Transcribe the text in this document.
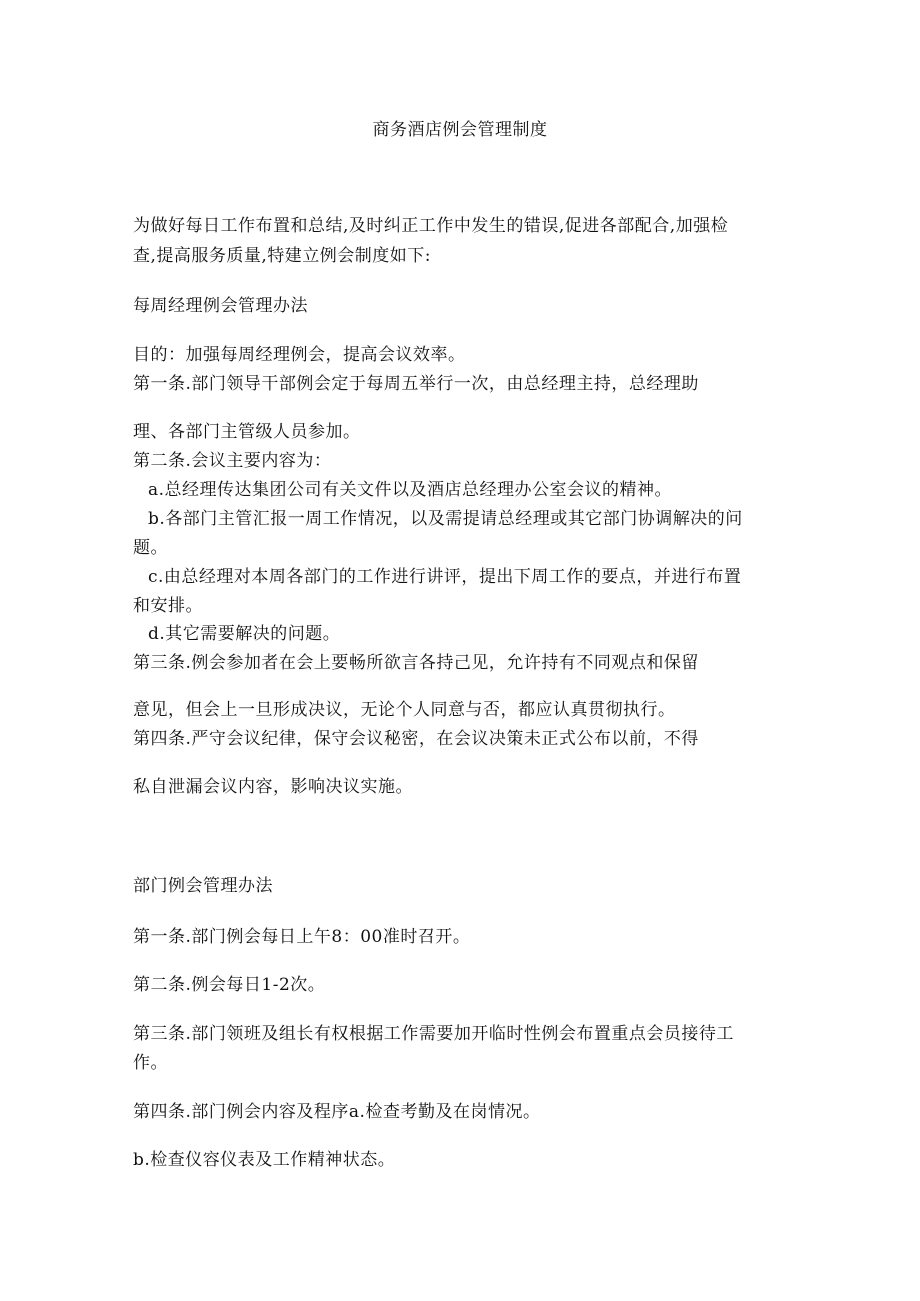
商务酒店例会管理制度
为做好每日工作布置和总结,及时纠正工作中发生的错误,促进各部配合,加强检
查,提高服务质量,特建立例会制度如下:
每周经理例会管理办法
目的：加强每周经理例会，提高会议效率。
第一条.部门领导干部例会定于每周五举行一次，由总经理主持，总经理助
理、各部门主管级人员参加。
第二条.会议主要内容为：
a.总经理传达集团公司有关文件以及酒店总经理办公室会议的精神。
b.各部门主管汇报一周工作情况，以及需提请总经理或其它部门协调解决的问
题。
c.由总经理对本周各部门的工作进行讲评，提出下周工作的要点，并进行布置
和安排。
d.其它需要解决的问题。
第三条.例会参加者在会上要畅所欲言各持己见，允许持有不同观点和保留
意见，但会上一旦形成决议，无论个人同意与否，都应认真贯彻执行。
第四条.严守会议纪律，保守会议秘密，在会议决策未正式公布以前，不得
私自泄漏会议内容，影响决议实施。
部门例会管理办法
第一条.部门例会每日上午8：00准时召开。
第二条.例会每日1-2次。
第三条.部门领班及组长有权根据工作需要加开临时性例会布置重点会员接待工
作。
第四条.部门例会内容及程序a.检查考勤及在岗情况。
b.检查仪容仪表及工作精神状态。
